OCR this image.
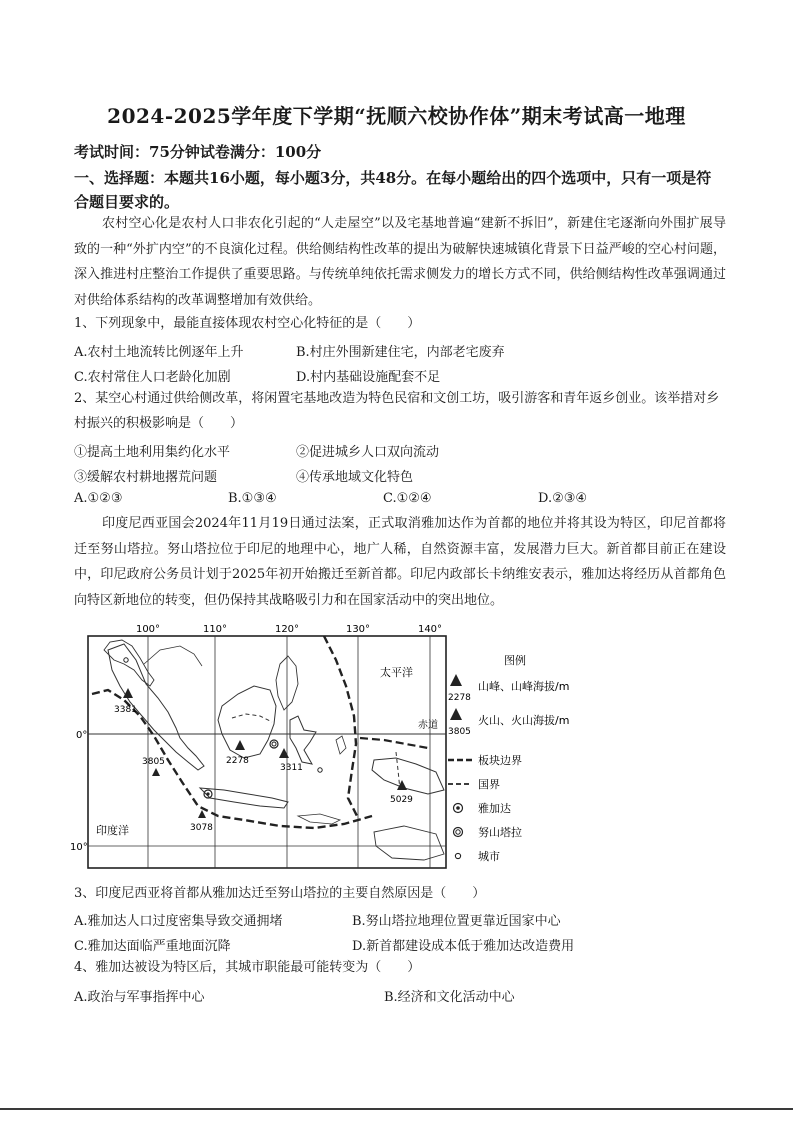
2024-2025学年度下学期“抚顺六校协作体”期末考试高一地理
考试时间：75分钟试卷满分：100分
一、选择题：本题共16小题，每小题3分，共48分。在每小题给出的四个选项中，只有一项是符合题目要求的。
农村空心化是农村人口非农化引起的“人走屋空”以及宅基地普遍“建新不拆旧”，新建住宅逐渐向外围扩展导致的一种“外扩内空”的不良演化过程。供给侧结构性改革的提出为破解快速城镇化背景下日益严峻的空心村问题，深入推进村庄整治工作提供了重要思路。与传统单纯依托需求侧发力的增长方式不同，供给侧结构性改革强调通过对供给体系结构的改革调整增加有效供给。
1、下列现象中，最能直接体现农村空心化特征的是（　　）
A.农村土地流转比例逐年上升	B.村庄外围新建住宅，内部老宅废弃
C.农村常住人口老龄化加剧	D.村内基础设施配套不足
2、某空心村通过供给侧改革，将闲置宅基地改造为特色民宿和文创工坊，吸引游客和青年返乡创业。该举措对乡村振兴的积极影响是（　　）
①提高土地利用集约化水平	②促进城乡人口双向流动
③缓解农村耕地撂荒问题	④传承地域文化特色
A.①②③	B.①③④	C.①②④	D.②③④
印度尼西亚国会2024年11月19日通过法案，正式取消雅加达作为首都的地位并将其设为特区，印尼首都将迁至努山塔拉。努山塔拉位于印尼的地理中心，地广人稀，自然资源丰富，发展潜力巨大。新首都目前正在建设中，印尼政府公务员计划于2025年初开始搬迁至新首都。印尼内政部长卡纳维安表示，雅加达将经历从首都角色向特区新地位的转变，但仍保持其战略吸引力和在国家活动中的突出地位。
100°	110°	120°	130°	140°
0°
10°
太平洋
印度洋
赤道
3381
3805	2278
3311
3078
5029
图例
2278
山峰、山峰海拔/m
3805
火山、火山海拔/m
板块边界
国界
雅加达
努山塔拉
城市
3、印度尼西亚将首都从雅加达迁至努山塔拉的主要自然原因是（　　）
A.雅加达人口过度密集导致交通拥堵	B.努山塔拉地理位置更靠近国家中心
C.雅加达面临严重地面沉降	D.新首都建设成本低于雅加达改造费用
4、雅加达被设为特区后，其城市职能最可能转变为（　　）
A.政治与军事指挥中心	B.经济和文化活动中心
